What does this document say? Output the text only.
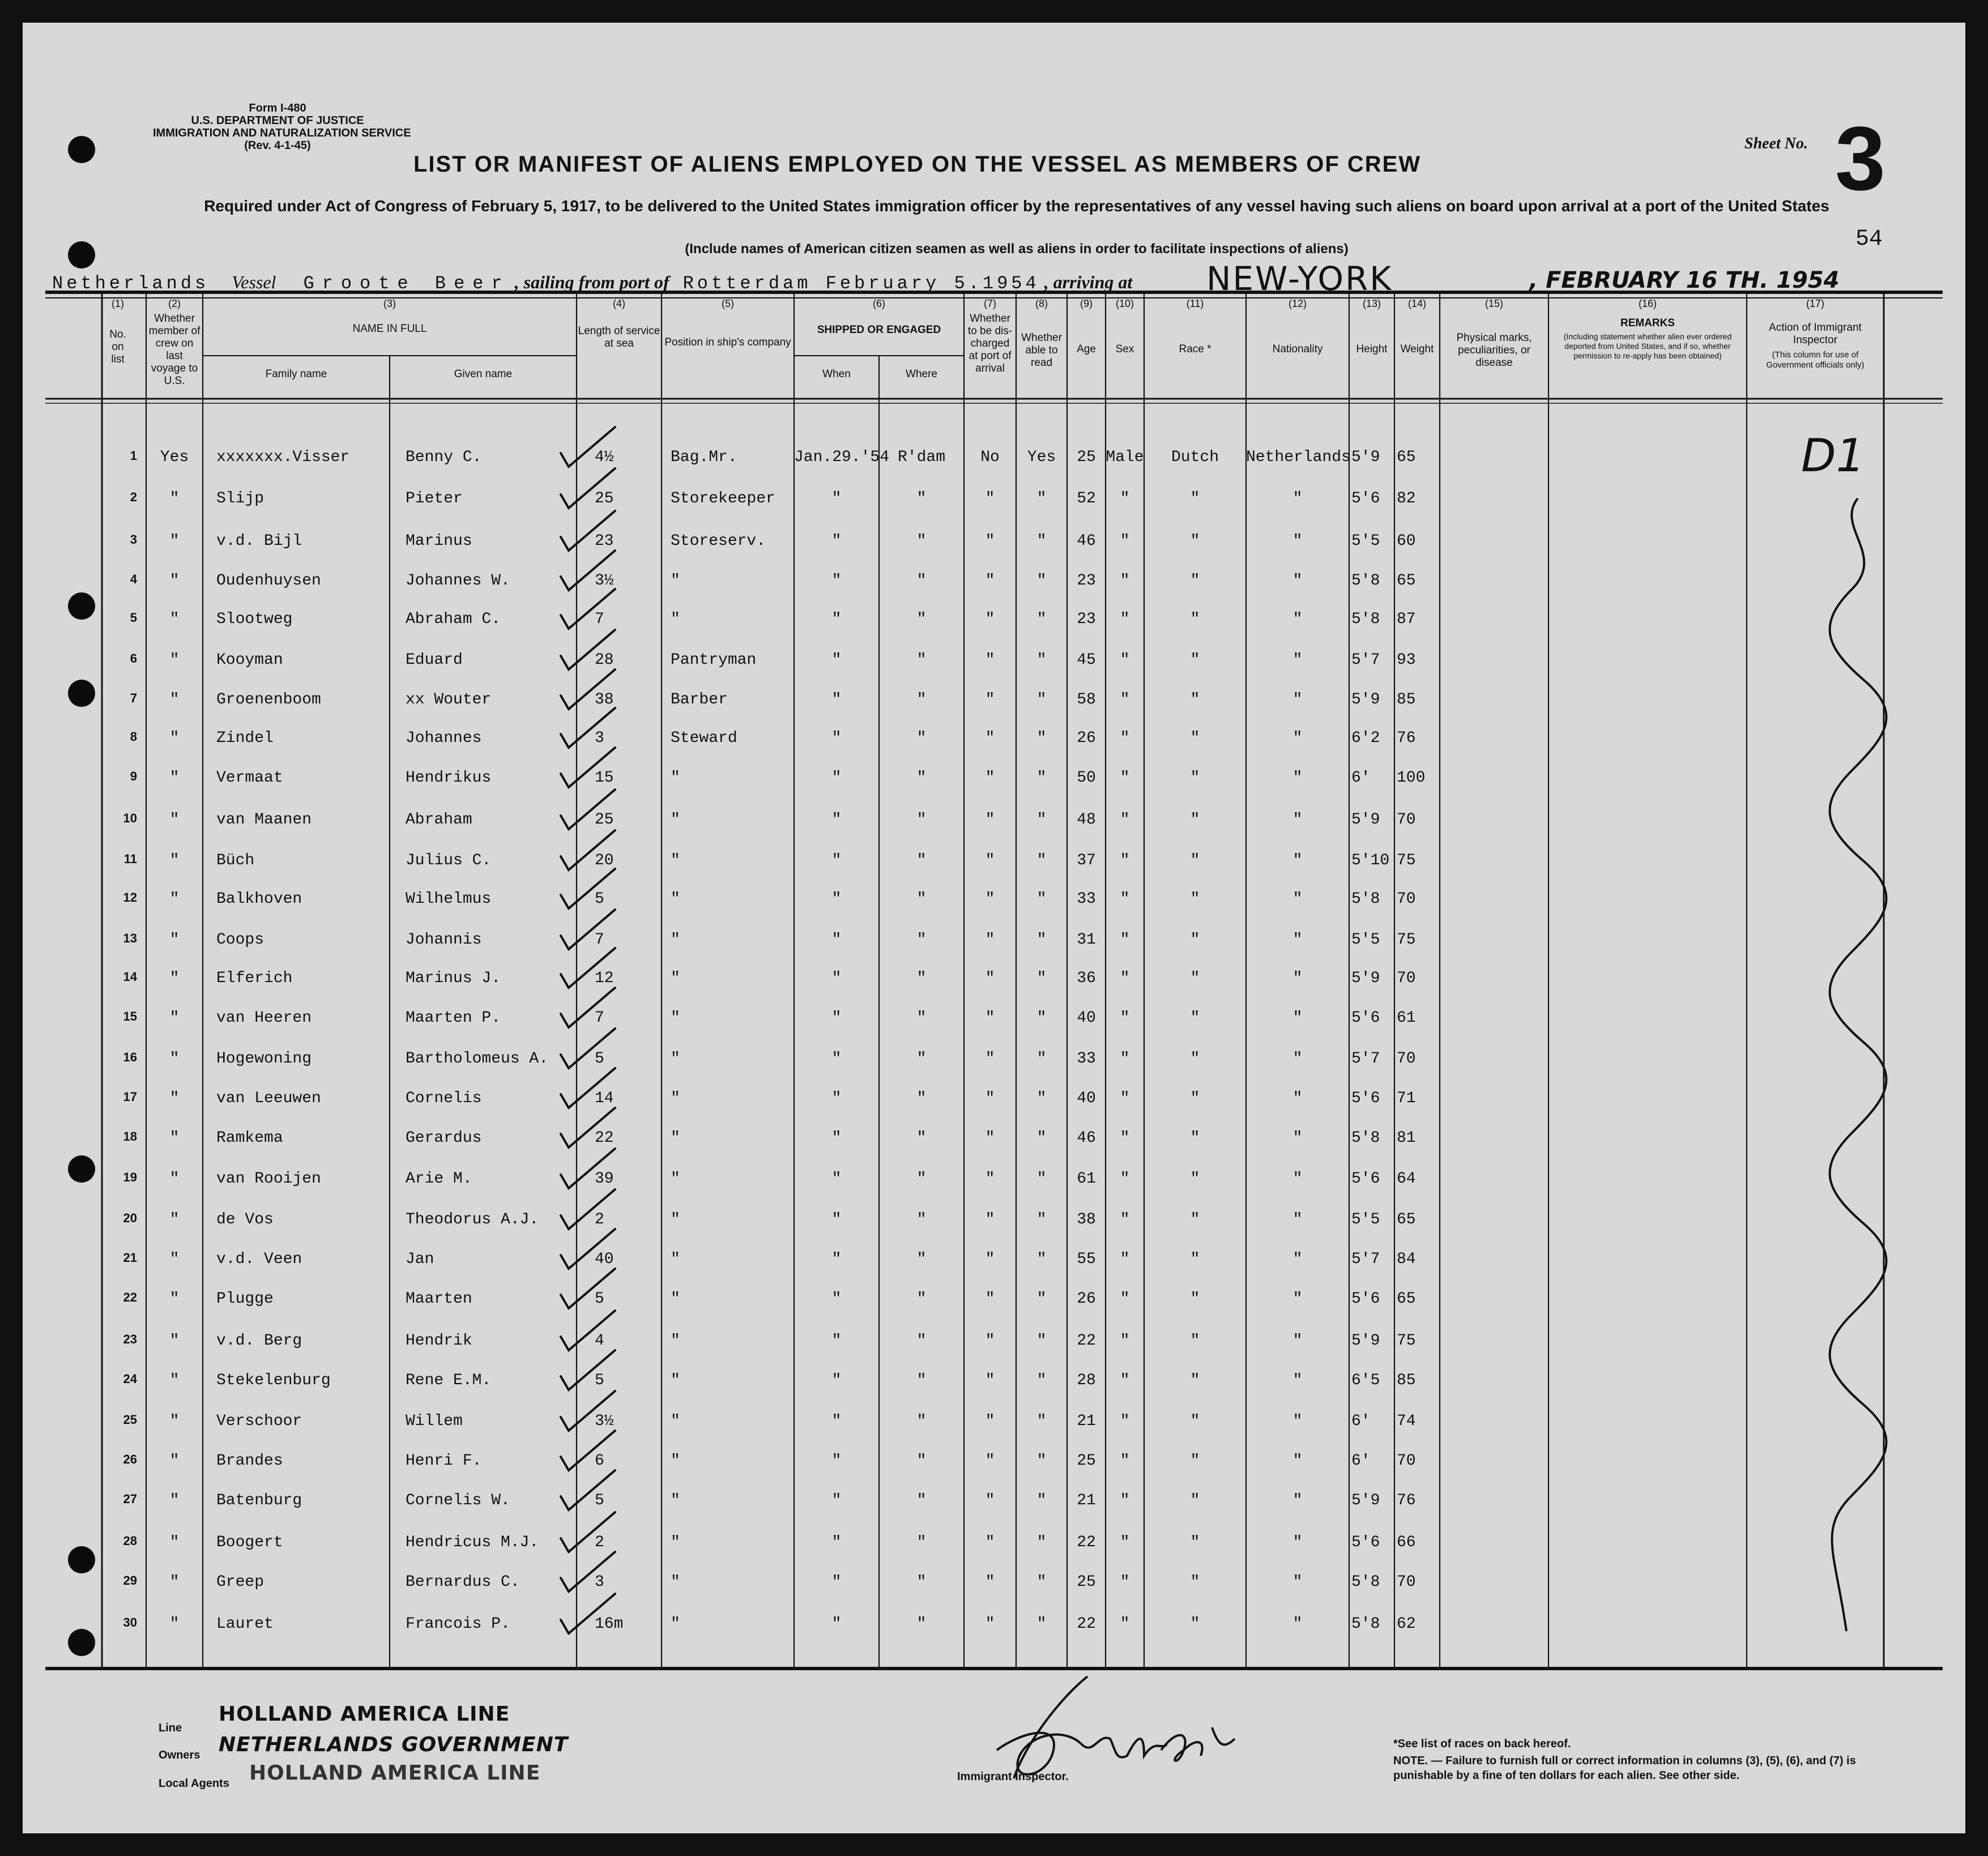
Form I-480
U.S. DEPARTMENT OF JUSTICE
IMMIGRATION AND NATURALIZATION SERVICE
(Rev. 4-1-45)
LIST OR MANIFEST OF ALIENS EMPLOYED ON THE VESSEL AS MEMBERS OF CREW
Sheet No. 3
54
Required under Act of Congress of February 5, 1917, to be delivered to the United States immigration officer by the representatives of any vessel having such aliens on board upon arrival at a port of the United States
(Include names of American citizen seamen as well as aliens in order to facilitate inspections of aliens)
Netherlands Vessel Groote Beer , sailing from port of Rotterdam February 5.1954 , arriving at NEW-YORK	, FEBRUARY 16 TH. 1954
(1)	(2)	(3)	(4)	(5)	(6)	(7)	(8)	(9)	(10)	(11)	(12)	(13)	(14)	(15)	(16)	(17)
No. on list
Whether member of crew on last voyage to U.S.
NAME IN FULL
Family name	Given name
Length of service at sea	Position in ship's company
SHIPPED OR ENGAGED
When	Where
Whether to be dis-charged at port of arrival
Whether able to read
Age	Sex	Race *	Nationality	Height	Weight
Physical marks, peculiarities, or disease
REMARKS
(Including statement whether alien ever ordered deported from United States, and if so, whether permission to re-apply has been obtained)
Action of Immigrant Inspector
(This column for use of Government officials only)
1	Yes	xxxxxxx.Visser	Benny C.	4½	Bag.Mr.	Jan.29.'54 R'dam	No	Yes	25 Male	Dutch	Netherlands 5'9	65
2	"	Slijp	Pieter	25	Storekeeper	"	"	"	"	52	"	"	"	5'6	82
3	"	v.d. Bijl	Marinus	23	Storeserv.	"	"	"	"	46	"	"	"	5'5	60
4	"	Oudenhuysen	Johannes W.	3½	"	"	"	"	"	23	"	"	"	5'8	65
5	"	Slootweg	Abraham C.	7	"	"	"	"	"	23	"	"	"	5'8	87
6	"	Kooyman	Eduard	28	Pantryman	"	"	"	"	45	"	"	"	5'7	93
7	"	Groenenboom	xx Wouter	38	Barber	"	"	"	"	58	"	"	"	5'9	85
8	"	Zindel	Johannes	3	Steward	"	"	"	"	26	"	"	"	6'2	76
9	"	Vermaat	Hendrikus	15	"	"	"	"	"	50	"	"	"	6'	100
10	"	van Maanen	Abraham	25	"	"	"	"	"	48	"	"	"	5'9	70
11	"	Büch	Julius C.	20	"	"	"	"	"	37	"	"	"	5'10 75
12	"	Balkhoven	Wilhelmus	5	"	"	"	"	"	33	"	"	"	5'8	70
13	"	Coops	Johannis	7	"	"	"	"	"	31	"	"	"	5'5	75
14	"	Elferich	Marinus J.	12	"	"	"	"	"	36	"	"	"	5'9	70
15	"	van Heeren	Maarten P.	7	"	"	"	"	"	40	"	"	"	5'6	61
16	"	Hogewoning	Bartholomeus A.	5	"	"	"	"	"	33	"	"	"	5'7	70
17	"	van Leeuwen	Cornelis	14	"	"	"	"	"	40	"	"	"	5'6	71
18	"	Ramkema	Gerardus	22	"	"	"	"	"	46	"	"	"	5'8	81
19	"	van Rooijen	Arie M.	39	"	"	"	"	"	61	"	"	"	5'6	64
20	"	de Vos	Theodorus A.J.	2	"	"	"	"	"	38	"	"	"	5'5	65
21	"	v.d. Veen	Jan	40	"	"	"	"	"	55	"	"	"	5'7	84
22	"	Plugge	Maarten	5	"	"	"	"	"	26	"	"	"	5'6	65
23	"	v.d. Berg	Hendrik	4	"	"	"	"	"	22	"	"	"	5'9	75
24	"	Stekelenburg	Rene E.M.	5	"	"	"	"	"	28	"	"	"	6'5	85
25	"	Verschoor	Willem	3½	"	"	"	"	"	21	"	"	"	6'	74
26	"	Brandes	Henri F.	6	"	"	"	"	"	25	"	"	"	6'	70
27	"	Batenburg	Cornelis W.	5	"	"	"	"	"	21	"	"	"	5'9	76
28	"	Boogert	Hendricus M.J.	2	"	"	"	"	"	22	"	"	"	5'6	66
29	"	Greep	Bernardus C.	3	"	"	"	"	"	25	"	"	"	5'8	70
30	"	Lauret	Francois P.	16m	"	"	"	"	"	22	"	"	"	5'8	62
D1
Line
HOLLAND AMERICA LINE
Owners NETHERLANDS GOVERNMENT
Local Agents HOLLAND AMERICA LINE	Immigrant Inspector.
*See list of races on back hereof.
NOTE. — Failure to furnish full or correct information in columns (3), (5), (6), and (7) is punishable by a fine of ten dollars for each alien. See other side.
